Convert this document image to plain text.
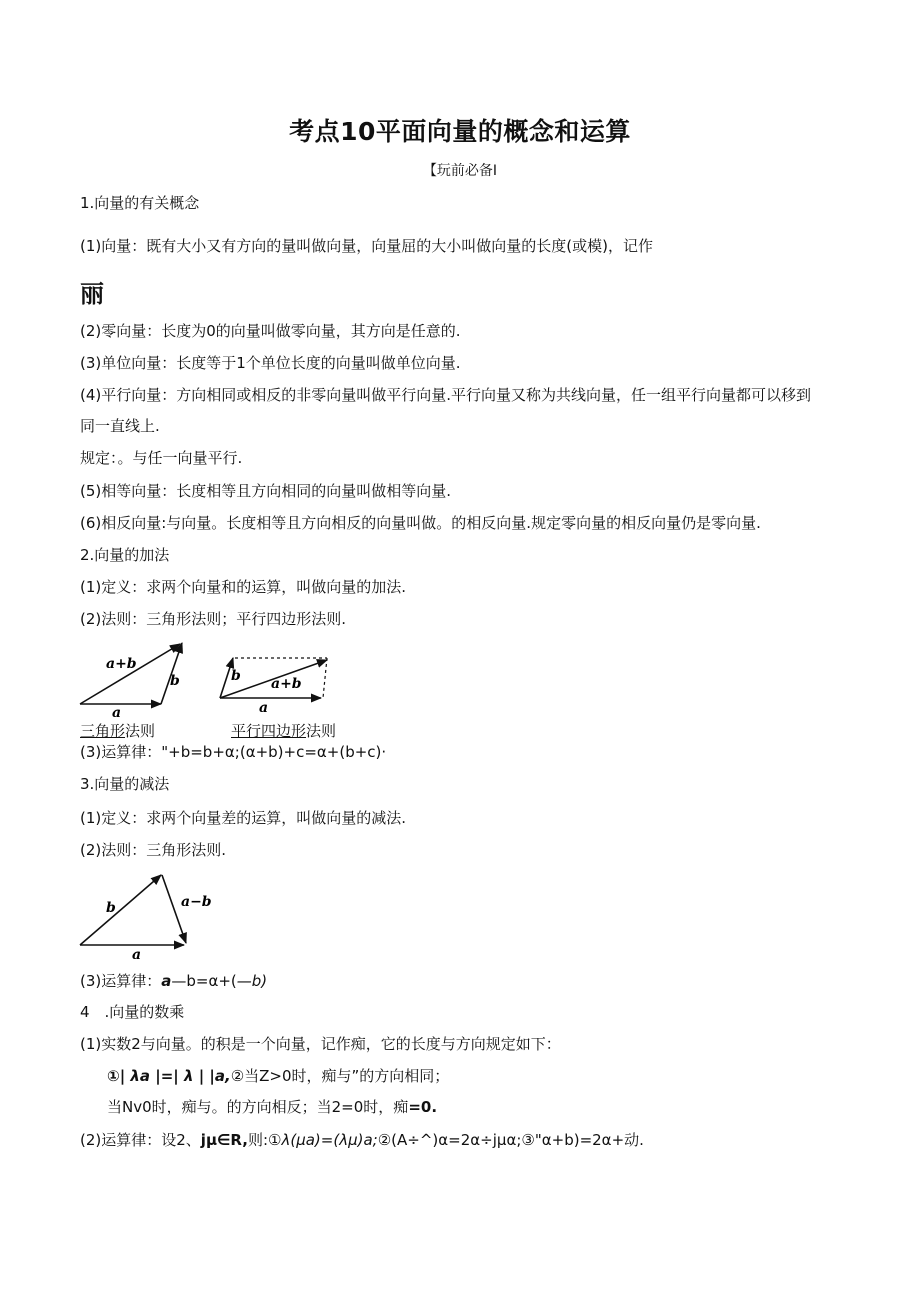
考点10平面向量的概念和运算
【玩前必备I
1.向量的有关概念
(1)向量：既有大小又有方向的量叫做向量，向量屈的大小叫做向量的长度(或模)，记作
丽
(2)零向量：长度为0的向量叫做零向量，其方向是任意的.
(3)单位向量：长度等于1个单位长度的向量叫做单位向量.
(4)平行向量：方向相同或相反的非零向量叫做平行向量.平行向量又称为共线向量，任一组平行向量都可以移到
同一直线上.
规定：。与任一向量平行.
(5)相等向量：长度相等且方向相同的向量叫做相等向量.
(6)相反向量:与向量。长度相等且方向相反的向量叫做。的相反向量.规定零向量的相反向量仍是零向量.
2.向量的加法
(1)定义：求两个向量和的运算，叫做向量的加法.
(2)法则：三角形法则；平行四边形法则.
a+b
b
a
b a+b
a
三角形法则	平行四边形法则
(3)运算律："+b=b+α;(α+b)+c=α+(b+c)·
3.向量的减法
(1)定义：求两个向量差的运算，叫做向量的减法.
(2)法则：三角形法则.
b	a−b
a
(3)运算律：a—b=α+(—b)
4　.向量的数乘
(1)实数2与向量。的积是一个向量，记作痴，它的长度与方向规定如下：
①| λa |=| λ | |a,②当Z>0时，痴与”的方向相同；
当Nv0时，痴与。的方向相反；当2=0时，痴=0.
(2)运算律：设2、jµ∈R,则:①λ(µa)=(λµ)a;②(A÷^)α=2α÷jµα;③"α+b)=2α+动.
